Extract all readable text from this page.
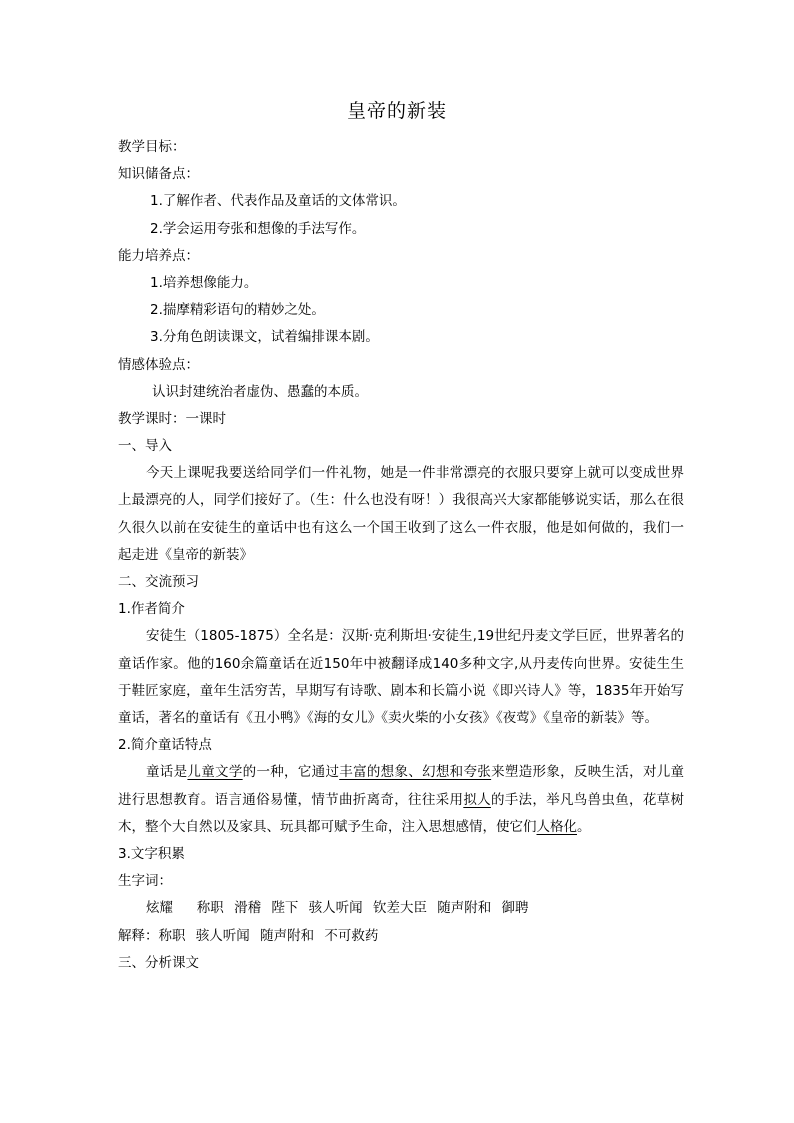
皇帝的新装
教学目标：
知识储备点：
1.了解作者、代表作品及童话的文体常识。
2.学会运用夸张和想像的手法写作。
能力培养点：
1.培养想像能力。
2.揣摩精彩语句的精妙之处。
3.分角色朗读课文，试着编排课本剧。
情感体验点：
认识封建统治者虚伪、愚蠢的本质。
教学课时：一课时
一、导入

今天上课呢我要送给同学们一件礼物，她是一件非常漂亮的衣服只要穿上就可以变成世界上最漂亮的人，同学们接好了。（生：什么也没有呀！）我很高兴大家都能够说实话，那么在很久很久以前在安徒生的童话中也有这么一个国王收到了这么一件衣服，他是如何做的，我们一起走进《皇帝的新装》

二、交流预习
1.作者简介

安徒生（1805-1875）全名是：汉斯·克利斯坦·安徒生,19世纪丹麦文学巨匠，世界著名的童话作家。他的160余篇童话在近150年中被翻译成140多种文字,从丹麦传向世界。安徒生生于鞋匠家庭，童年生活穷苦，早期写有诗歌、剧本和长篇小说《即兴诗人》等，1835年开始写童话，著名的童话有《丑小鸭》《海的女儿》《卖火柴的小女孩》《夜莺》《皇帝的新装》等。

2.简介童话特点

童话是儿童文学的一种，它通过丰富的想象、幻想和夸张来塑造形象，反映生活，对儿童进行思想教育。语言通俗易懂，情节曲折离奇，往往采用拟人的手法，举凡鸟兽虫鱼，花草树木，整个大自然以及家具、玩具都可赋予生命，注入思想感情，使它们人格化。

3.文字积累
生字词：
炫耀　 称职 滑稽 陛下 骇人听闻 钦差大臣 随声附和 御聘
解释：称职 骇人听闻 随声附和 不可救药
三、分析课文
